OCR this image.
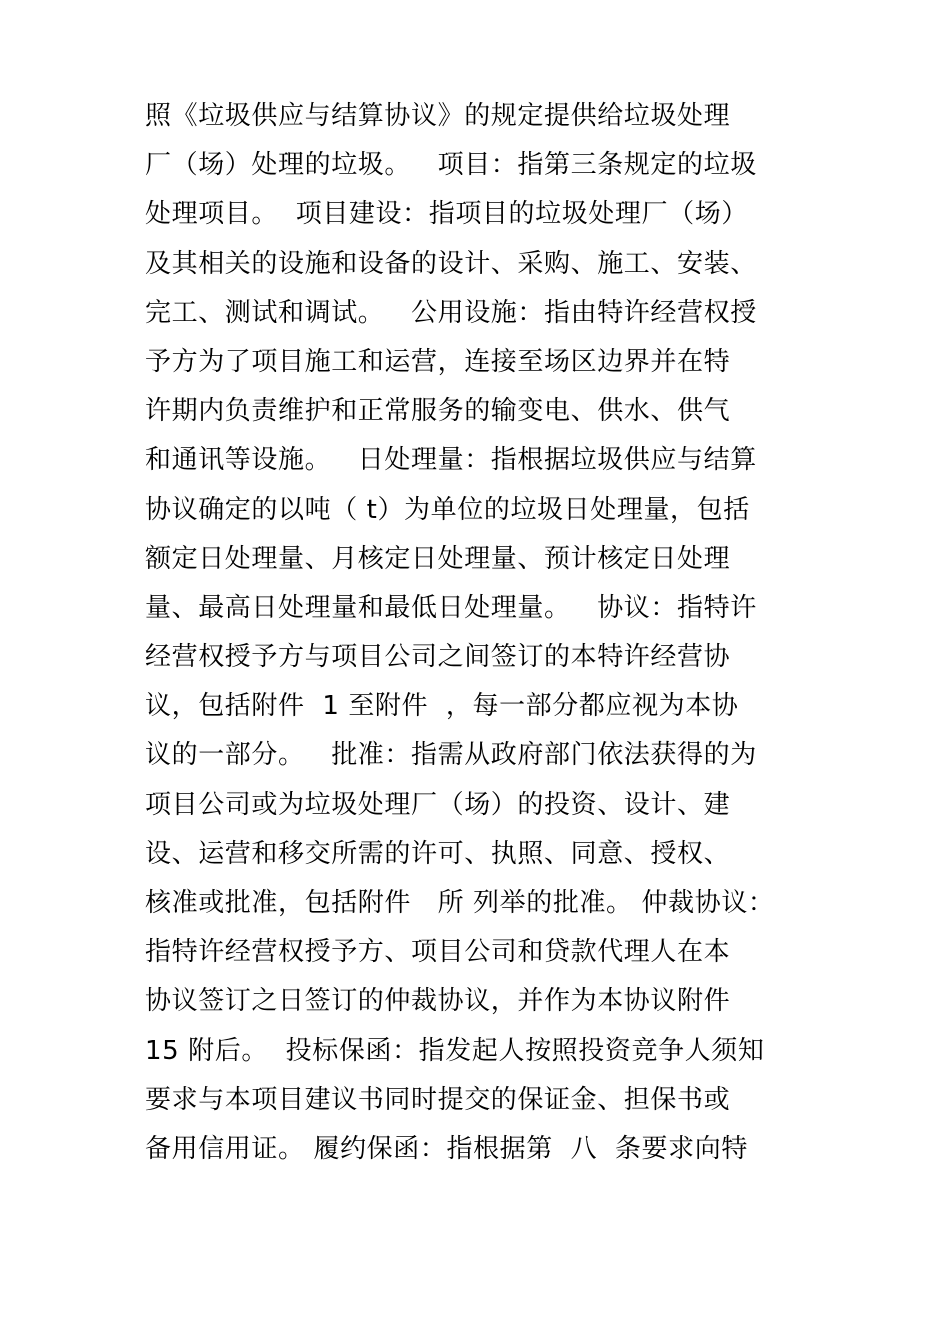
照《垃圾供应与结算协议》的规定提供给垃圾处理
厂（场）处理的垃圾。   项目：指第三条规定的垃圾
处理项目。  项目建设：指项目的垃圾处理厂（场）
及其相关的设施和设备的设计、采购、施工、安装、
完工、测试和调试。   公用设施：指由特许经营权授
予方为了项目施工和运营，连接至场区边界并在特
许期内负责维护和正常服务的输变电、供水、供气
和通讯等设施。   日处理量：指根据垃圾供应与结算
协议确定的以吨（ t）为单位的垃圾日处理量，包括
额定日处理量、月核定日处理量、预计核定日处理
量、最高日处理量和最低日处理量。   协议：指特许
经营权授予方与项目公司之间签订的本特许经营协
议，包括附件  1 至附件  ，每一部分都应视为本协
议的一部分。   批准：指需从政府部门依法获得的为
项目公司或为垃圾处理厂（场）的投资、设计、建
设、运营和移交所需的许可、执照、同意、授权、
核准或批准，包括附件   所 列举的批准。 仲裁协议：
指特许经营权授予方、项目公司和贷款代理人在本
协议签订之日签订的仲裁协议，并作为本协议附件
15 附后。  投标保函：指发起人按照投资竞争人须知
要求与本项目建议书同时提交的保证金、担保书或
备用信用证。 履约保函：指根据第  八  条要求向特
